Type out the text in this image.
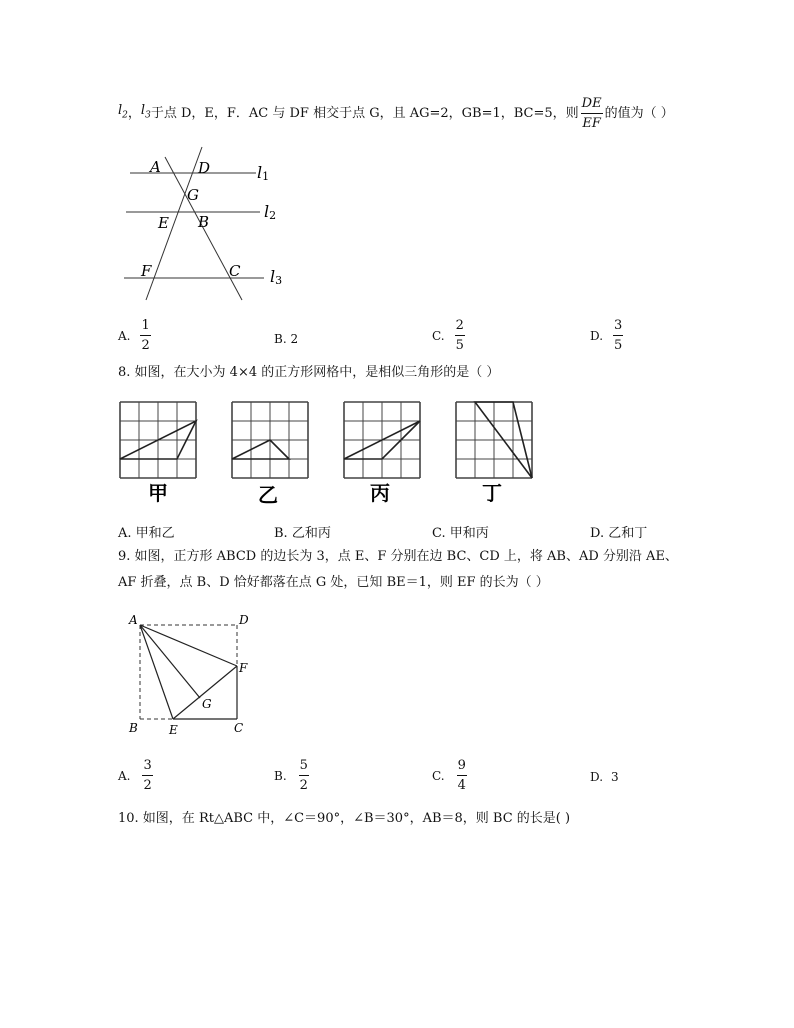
$l_2$ ， $l_3$ 于点 D，E，F．AC 与 DF 相交于点 G，且 AG=2，GB=1，BC=5，则 $\frac{DE}{EF}$ 的值为（ ）
A D
G
E B
F	C
l1
l2
l3
A. $\frac{1}{2}$	B. 2	C. $\frac{2}{5}$	D. $\frac{3}{5}$
8. 如图，在大小为 4×4 的正方形网格中，是相似三角形的是（ ）
甲	乙	丙	丁
A. 甲和乙	B. 乙和丙	C. 甲和丙	D. 乙和丁
9. 如图，正方形 ABCD 的边长为 3，点 E、F 分别在边 BC、CD 上，将 AB、AD 分别沿 AE、
AF 折叠，点 B、D 恰好都落在点 G 处，已知 BE＝1，则 EF 的长为（ ）
A	D
F
G
B	E	C
A. $\frac{3}{2}$	B. $\frac{5}{2}$	C. $\frac{9}{4}$	D. 3
10. 如图，在 Rt△ABC 中，∠C＝90°，∠B＝30°，AB＝8，则 BC 的长是( )
